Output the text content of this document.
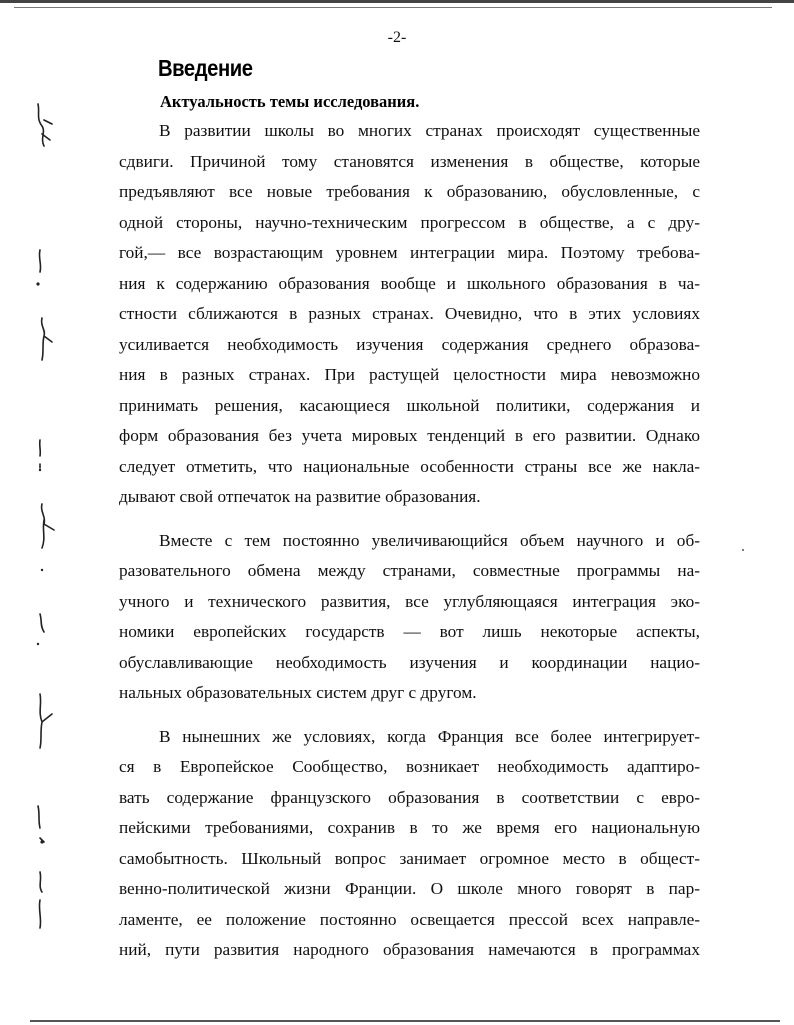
-2-
Введение
Актуальность темы исследования.
В развитии школы во многих странах происходят существенные
сдвиги. Причиной тому становятся изменения в обществе, которые
предъявляют все новые требования к образованию, обусловленные, с
одной стороны, научно-техническим прогрессом в обществе, а с дру-
гой,— все возрастающим уровнем интеграции мира. Поэтому требова-
ния к содержанию образования вообще и школьного образования в ча-
стности сближаются в разных странах. Очевидно, что в этих условиях
усиливается необходимость изучения содержания среднего образова-
ния в разных странах. При растущей целостности мира невозможно
принимать решения, касающиеся школьной политики, содержания и
форм образования без учета мировых тенденций в его развитии. Однако
следует отметить, что национальные особенности страны все же накла-
дывают свой отпечаток на развитие образования.
Вместе с тем постоянно увеличивающийся объем научного и об-
разовательного обмена между странами, совместные программы на-
учного и технического развития, все углубляющаяся интеграция эко-
номики европейских государств — вот лишь некоторые аспекты,
обуславливающие необходимость изучения и координации нацио-
нальных образовательных систем друг с другом.
В нынешних же условиях, когда Франция все более интегрирует-
ся в Европейское Сообщество, возникает необходимость адаптиро-
вать содержание французского образования в соответствии с евро-
пейскими требованиями, сохранив в то же время его национальную
самобытность. Школьный вопрос занимает огромное место в общест-
венно-политической жизни Франции. О школе много говорят в пар-
ламенте, ее положение постоянно освещается прессой всех направле-
ний, пути развития народного образования намечаются в программах
